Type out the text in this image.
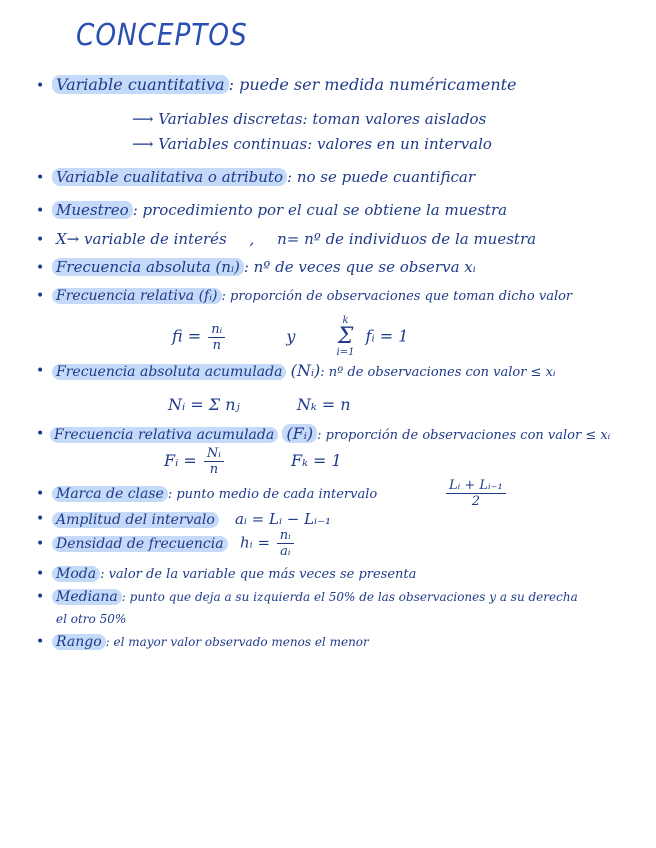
CONCEPTOS
• Variable cuantitativa : puede ser medida numéricamente
⟶ Variables discretas: toman valores aislados
⟶ Variables continuas: valores en un intervalo
• Variable cualitativa o atributo : no se puede cuantificar
• Muestreo : procedimiento por el cual se obtiene la muestra
• X→ variable de interés , n= nº de individuos de la muestra
• Frecuencia absoluta (nᵢ) : nº de veces que se observa xᵢ
• Frecuencia relativa (fᵢ) : proporción de observaciones que toman dicho valor
fi = $\frac{\text{nᵢ}}{n}$	y k
Σ
i=1 fᵢ = 1
• Frecuencia absoluta acumulada (Nᵢ): nº de observaciones con valor ≤ xᵢ
Nᵢ = Σ nⱼ	Nₖ = n
• Frecuencia relativa acumulada (Fᵢ) : proporción de observaciones con valor ≤ xᵢ
Fᵢ = $\frac{\text{Nᵢ}}{n}$	Fₖ = 1
• Marca de clase : punto medio de cada intervalo	$\frac{\text{Lᵢ + Lᵢ₋₁}}{2}$
• Amplitud del intervalo aᵢ = Lᵢ − Lᵢ₋₁
• Densidad de frecuencia hᵢ = $\frac{\text{nᵢ}}{\text{aᵢ}}$
• Moda : valor de la variable que más veces se presenta
• Mediana : punto que deja a su izquierda el 50% de las observaciones y a su derecha
el otro 50%
• Rango : el mayor valor observado menos el menor
